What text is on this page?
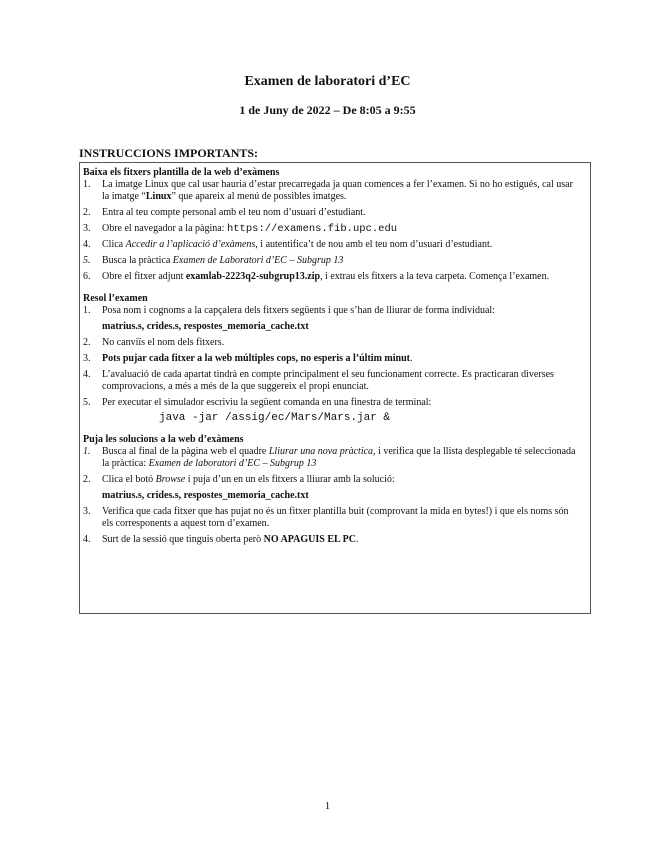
Examen de laboratori d’EC
1 de Juny de 2022 – De 8:05 a 9:55
INSTRUCCIONS IMPORTANTS:

Baixa els fitxers plantilla de la web d’exàmens

1. La imatge Linux que cal usar hauria d’estar precarregada ja quan comences a fer l’examen. Si no ho estigués, cal usar la imatge “Linux” que apareix al menú de possibles imatges.
2. Entra al teu compte personal amb el teu nom d’usuari d’estudiant.
3. Obre el navegador a la pàgina: https://examens.fib.upc.edu
4. Clica Accedir a l’aplicació d’exàmens, i autentifica’t de nou amb el teu nom d’usuari d’estudiant.
5. Busca la pràctica Examen de Laboratori d’EC – Subgrup 13
6. Obre el fitxer adjunt examlab-2223q2-subgrup13.zip, i extrau els fitxers a la teva carpeta. Comença l’examen.

Resol l’examen

1. Posa nom i cognoms a la capçalera dels fitxers següents i que s’han de lliurar de forma individual:
matrius.s, crides.s, respostes_memoria_cache.txt
2. No canviïs el nom dels fitxers.
3. Pots pujar cada fitxer a la web múltiples cops, no esperis a l’últim minut.
4. L’avaluació de cada apartat tindrà en compte principalment el seu funcionament correcte. Es practicaran diverses comprovacions, a més a més de la que suggereix el propi enunciat.
5. Per executar el simulador escriviu la següent comanda en una finestra de terminal:
java -jar /assig/ec/Mars/Mars.jar &

Puja les solucions a la web d’exàmens

1. Busca al final de la pàgina web el quadre Lliurar una nova pràctica, i verifica que la llista desplegable té seleccionada la pràctica: Examen de laboratori d’EC – Subgrup 13
2. Clica el botó Browse i puja d’un en un els fitxers a lliurar amb la solució:
matrius.s, crides.s, respostes_memoria_cache.txt
3. Verifica que cada fitxer que has pujat no és un fitxer plantilla buit (comprovant la mida en bytes!) i que els noms són els corresponents a aquest torn d’examen.
4. Surt de la sessió que tinguis oberta però NO APAGUIS EL PC.
1
